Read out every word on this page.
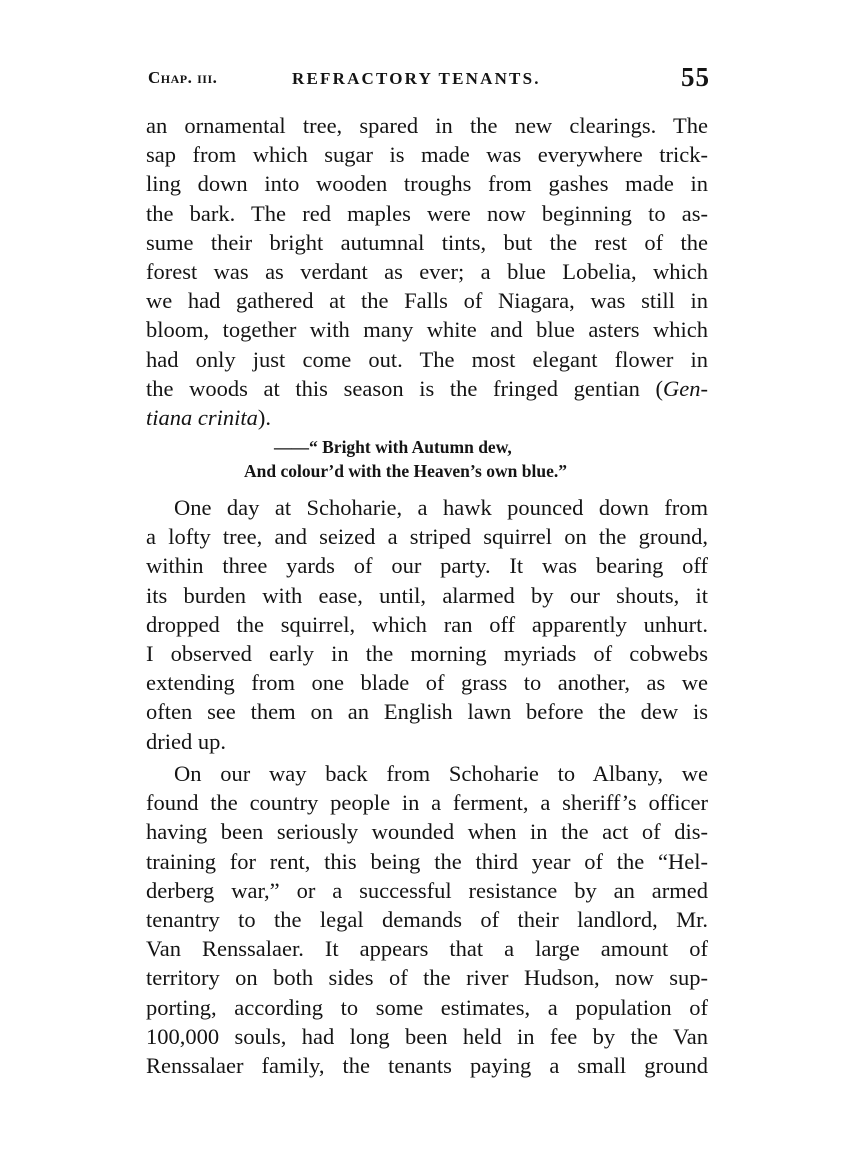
Chap. iii.	REFRACTORY TENANTS.	55
an ornamental tree, spared in the new clearings. The
sap from which sugar is made was everywhere trick-
ling down into wooden troughs from gashes made in
the bark. The red maples were now beginning to as-
sume their bright autumnal tints, but the rest of the
forest was as verdant as ever; a blue Lobelia, which
we had gathered at the Falls of Niagara, was still in
bloom, together with many white and blue asters which
had only just come out. The most elegant flower in
the woods at this season is the fringed gentian (Gen-
tiana crinita).
——“ Bright with Autumn dew,
And colour’d with the Heaven’s own blue.”
One day at Schoharie, a hawk pounced down from
a lofty tree, and seized a striped squirrel on the ground,
within three yards of our party. It was bearing off
its burden with ease, until, alarmed by our shouts, it
dropped the squirrel, which ran off apparently unhurt.
I observed early in the morning myriads of cobwebs
extending from one blade of grass to another, as we
often see them on an English lawn before the dew is
dried up.
On our way back from Schoharie to Albany, we
found the country people in a ferment, a sheriff’s officer
having been seriously wounded when in the act of dis-
training for rent, this being the third year of the “Hel-
derberg war,” or a successful resistance by an armed
tenantry to the legal demands of their landlord, Mr.
Van Renssalaer. It appears that a large amount of
territory on both sides of the river Hudson, now sup-
porting, according to some estimates, a population of
100,000 souls, had long been held in fee by the Van
Renssalaer family, the tenants paying a small ground
